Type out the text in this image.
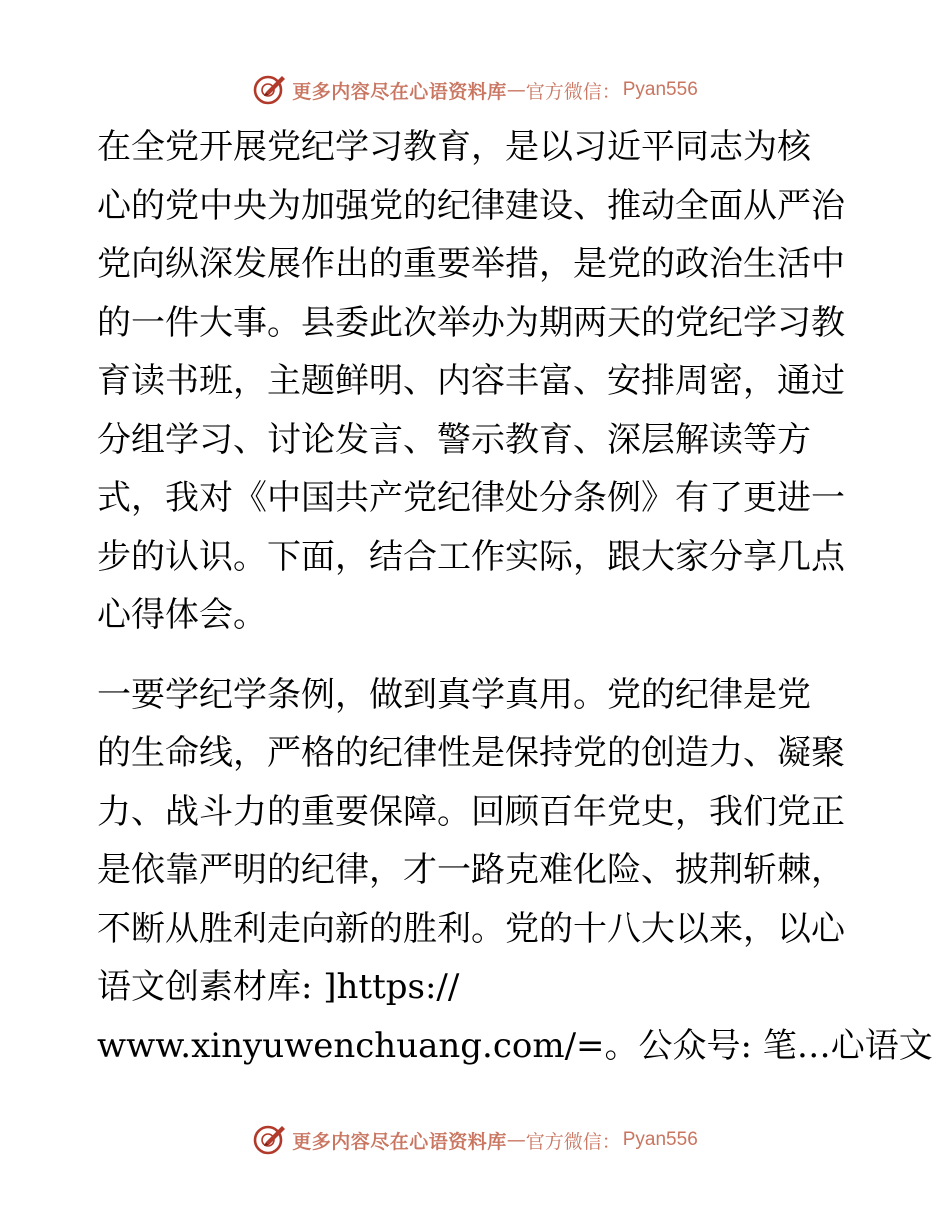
更多内容尽在心语资料库 — 官方微信： Pyan556
在全党开展党纪学习教育，是以习近平同志为核
心的党中央为加强党的纪律建设、推动全面从严治
党向纵深发展作出的重要举措，是党的政治生活中
的一件大事。县委此次举办为期两天的党纪学习教
育读书班，主题鲜明、内容丰富、安排周密，通过
分组学习、讨论发言、警示教育、深层解读等方
式，我对《中国共产党纪律处分条例》有了更进一
步的认识。下面，结合工作实际，跟大家分享几点
心得体会。
一要学纪学条例，做到真学真用。党的纪律是党
的生命线，严格的纪律性是保持党的创造力、凝聚
力、战斗力的重要保障。回顾百年党史，我们党正
是依靠严明的纪律，才一路克难化险、披荆斩棘，
不断从胜利走向新的胜利。党的十八大以来，以心
语文创素材库: ]https://
www.xinyuwenchuang.com/=。公众号: 笔…心语文
更多内容尽在心语资料库 — 官方微信： Pyan556
